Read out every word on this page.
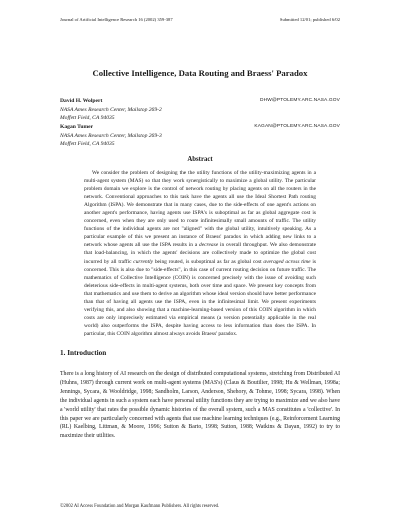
Journal of Artificial Intelligence Research 16 (2002) 359-387	Submitted 12/01; published 6/02
Collective Intelligence, Data Routing and Braess' Paradox
David H. Wolpert	DHW@PTOLEMY.ARC.NASA.GOV
NASA Ames Research Center, Mailstop 269-2
Moffett Field, CA 94035
Kagan Tumer	KAGAN@PTOLEMY.ARC.NASA.GOV
NASA Ames Research Center, Mailstop 269-3
Moffett Field, CA 94035
Abstract

We consider the problem of designing the the utility functions of the utility-maximizing agents in a multi-agent system (MAS) so that they work synergistically to maximize a global utility. The particular problem domain we explore is the control of network routing by placing agents on all the routers in the network. Conventional approaches to this task have the agents all use the Ideal Shortest Path routing Algorithm (ISPA). We demonstrate that in many cases, due to the side-effects of one agent's actions on another agent's performance, having agents use ISPA's is suboptimal as far as global aggregate cost is concerned, even when they are only used to route infinitesimally small amounts of traffic. The utility functions of the individual agents are not "aligned" with the global utility, intuitively speaking. As a particular example of this we present an instance of Braess' paradox in which adding new links to a network whose agents all use the ISPA results in a decrease in overall throughput. We also demonstrate that load-balancing, in which the agents' decisions are collectively made to optimize the global cost incurred by all traffic currently being routed, is suboptimal as far as global cost averaged across time is concerned. This is also due to "side-effects", in this case of current routing decision on future traffic. The mathematics of Collective Intelligence (COIN) is concerned precisely with the issue of avoiding such deleterious side-effects in multi-agent systems, both over time and space. We present key concepts from that mathematics and use them to derive an algorithm whose ideal version should have better performance than that of having all agents use the ISPA, even in the infinitesimal limit. We present experiments verifying this, and also showing that a machine-learning-based version of this COIN algorithm in which costs are only imprecisely estimated via empirical means (a version potentially applicable in the real world) also outperforms the ISPA, despite having access to less information than does the ISPA. In particular, this COIN algorithm almost always avoids Braess' paradox.

1. Introduction

There is a long history of AI research on the design of distributed computational systems, stretching from Distributed AI (Huhns, 1987) through current work on multi-agent systems (MAS's) (Claus & Boutilier, 1998; Hu & Wellman, 1998a; Jennings, Sycara, & Wooldridge, 1998; Sandholm, Larson, Anderson, Shehory, & Tohme, 1998; Sycara, 1998). When the individual agents in such a system each have personal utility functions they are trying to maximize and we also have a 'world utility' that rates the possible dynamic histories of the overall system, such a MAS constitutes a 'collective'. In this paper we are particularly concerned with agents that use machine learning techniques (e.g., Reinforcement Learning (RL) Kaelbing, Littman, & Moore, 1996; Sutton & Barto, 1998; Sutton, 1988; Watkins & Dayan, 1992) to try to maximize their utilities.

©2002 AI Access Foundation and Morgan Kaufmann Publishers. All rights reserved.
